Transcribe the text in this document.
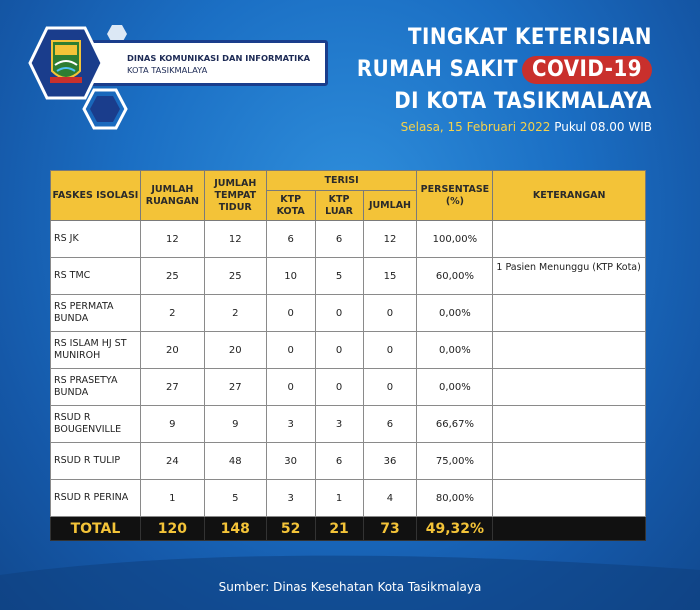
DINAS KOMUNIKASI DAN INFORMATIKA
KOTA TASIKMALAYA
TINGKAT KETERISIAN
RUMAH SAKIT COVID-19
DI KOTA TASIKMALAYA
Selasa, 15 Februari 2022 Pukul 08.00 WIB
FASKES ISOLASI	JUMLAH RUANGAN	JUMLAH TEMPAT TIDUR	TERISI			PERSENTASE (%)	KETERANGAN
			KTP KOTA	KTP LUAR	JUMLAH		
RS JK	12	12	6	6	12	100,00%	
RS TMC	25	25	10	5	15	60,00%	1 Pasien Menunggu (KTP Kota)
RS PERMATA BUNDA	2	2	0	0	0	0,00%	
RS ISLAM HJ ST MUNIROH	20	20	0	0	0	0,00%	
RS PRASETYA BUNDA	27	27	0	0	0	0,00%	
RSUD R BOUGENVILLE	9	9	3	3	6	66,67%	
RSUD R TULIP	24	48	30	6	36	75,00%	
RSUD R PERINA	1	5	3	1	4	80,00%	
TOTAL	120	148	52	21	73	49,32%	
Sumber: Dinas Kesehatan Kota Tasikmalaya
